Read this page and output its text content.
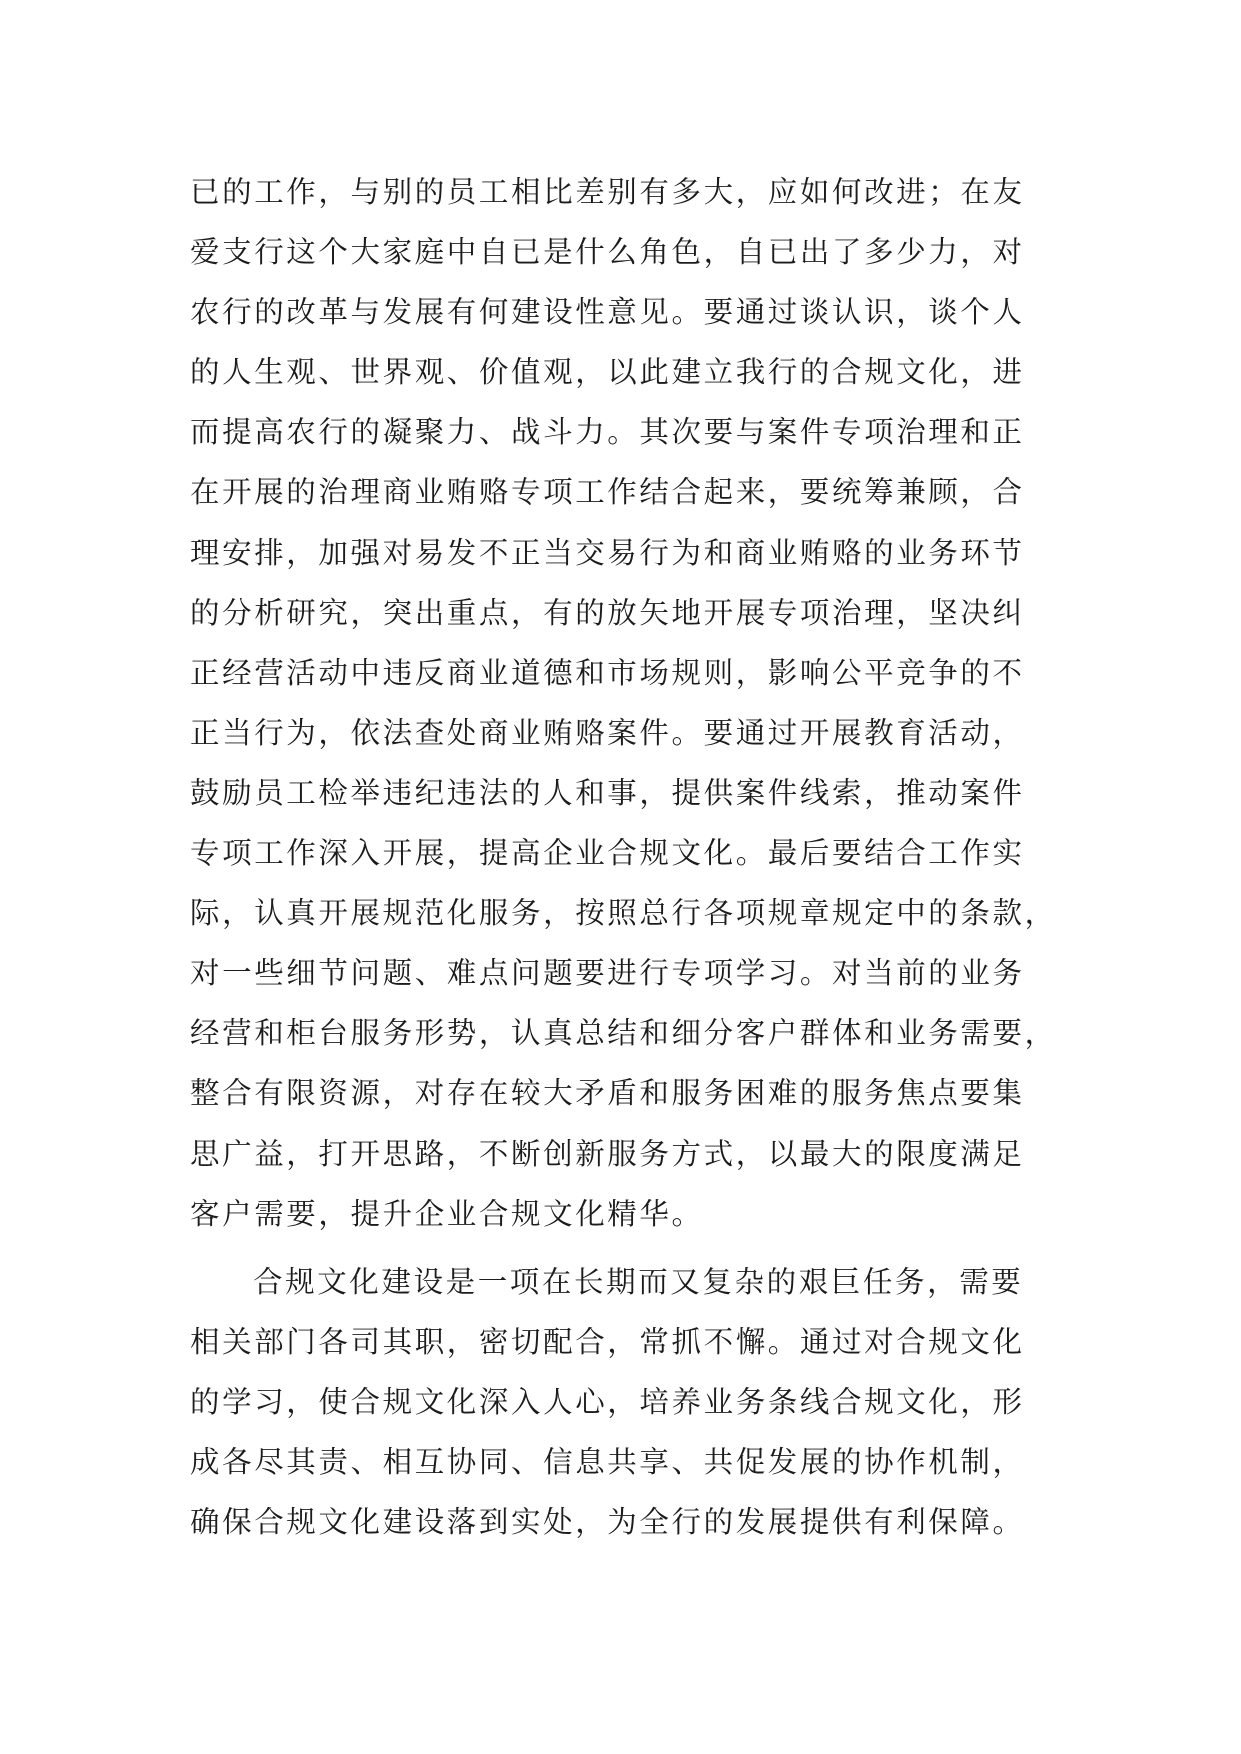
已的工作，与别的员工相比差别有多大，应如何改进；在友
爱支行这个大家庭中自已是什么角色，自已出了多少力，对
农行的改革与发展有何建设性意见。要通过谈认识，谈个人
的人生观、世界观、价值观，以此建立我行的合规文化，进
而提高农行的凝聚力、战斗力。其次要与案件专项治理和正
在开展的治理商业贿赂专项工作结合起来，要统筹兼顾，合
理安排，加强对易发不正当交易行为和商业贿赂的业务环节
的分析研究，突出重点，有的放矢地开展专项治理，坚决纠
正经营活动中违反商业道德和市场规则，影响公平竞争的不
正当行为，依法查处商业贿赂案件。要通过开展教育活动，
鼓励员工检举违纪违法的人和事，提供案件线索，推动案件
专项工作深入开展，提高企业合规文化。最后要结合工作实
际，认真开展规范化服务，按照总行各项规章规定中的条款，
对一些细节问题、难点问题要进行专项学习。对当前的业务
经营和柜台服务形势，认真总结和细分客户群体和业务需要，
整合有限资源，对存在较大矛盾和服务困难的服务焦点要集
思广益，打开思路，不断创新服务方式，以最大的限度满足
客户需要，提升企业合规文化精华。
合规文化建设是一项在长期而又复杂的艰巨任务，需要
相关部门各司其职，密切配合，常抓不懈。通过对合规文化
的学习，使合规文化深入人心，培养业务条线合规文化，形
成各尽其责、相互协同、信息共享、共促发展的协作机制，
确保合规文化建设落到实处，为全行的发展提供有利保障。
